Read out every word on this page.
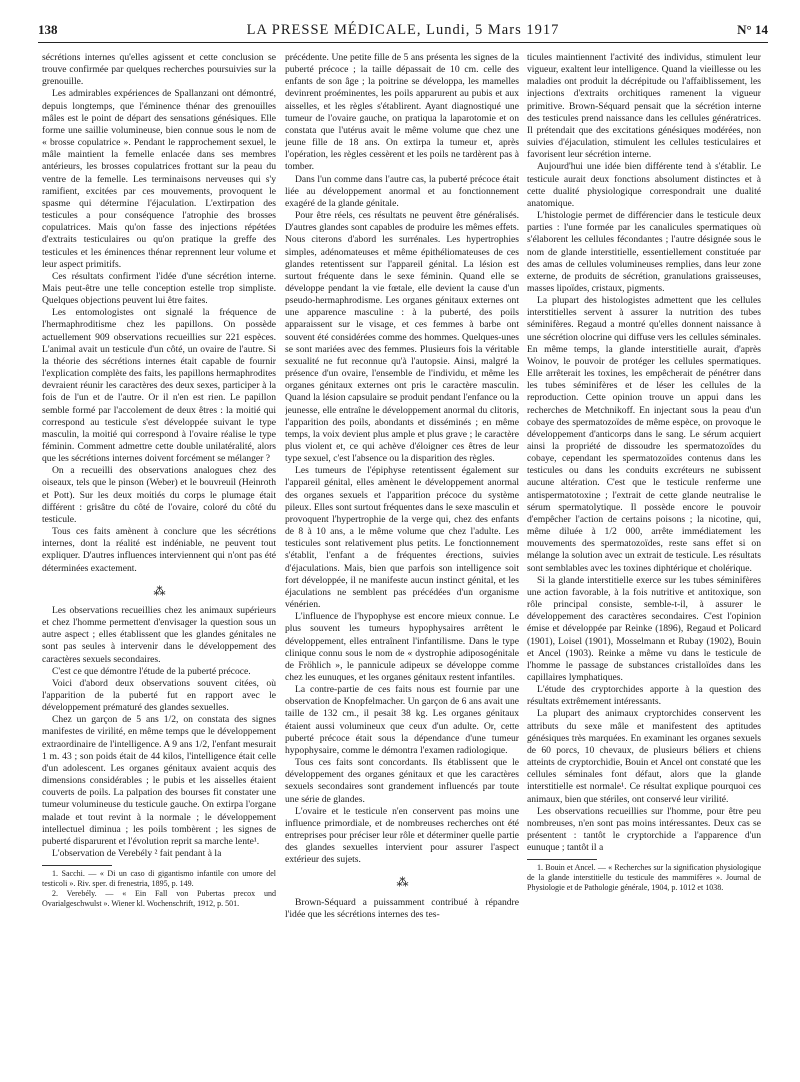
138	LA PRESSE MÉDICALE, Lundi, 5 Mars 1917	N° 14

sécrétions internes qu'elles agissent et cette conclusion se trouve confirmée par quelques recherches poursuivies sur la grenouille.

Les admirables expériences de Spallanzani ont démontré, depuis longtemps, que l'éminence thénar des grenouilles mâles est le point de départ des sensations génésiques. Elle forme une saillie volumineuse, bien connue sous le nom de « brosse copulatrice ». Pendant le rapprochement sexuel, le mâle maintient la femelle enlacée dans ses membres antérieurs, les brosses copulatrices frottant sur la peau du ventre de la femelle. Les terminaisons nerveuses qui s'y ramifient, excitées par ces mouvements, provoquent le spasme qui détermine l'éjaculation. L'extirpation des testicules a pour conséquence l'atrophie des brosses copulatrices. Mais qu'on fasse des injections répétées d'extraits testiculaires ou qu'on pratique la greffe des testicules et les éminences thénar reprennent leur volume et leur aspect primitifs.

Ces résultats confirment l'idée d'une sécrétion interne. Mais peut-être une telle conception estelle trop simpliste. Quelques objections peuvent lui être faites.

Les entomologistes ont signalé la fréquence de l'hermaphroditisme chez les papillons. On possède actuellement 909 observations recueillies sur 221 espèces. L'animal avait un testicule d'un côté, un ovaire de l'autre. Si la théorie des sécrétions internes était capable de fournir l'explication complète des faits, les papillons hermaphrodites devraient réunir les caractères des deux sexes, participer à la fois de l'un et de l'autre. Or il n'en est rien. Le papillon semble formé par l'accolement de deux êtres : la moitié qui correspond au testicule s'est développée suivant le type masculin, la moitié qui correspond à l'ovaire réalise le type féminin. Comment admettre cette double unilatéralité, alors que les sécrétions internes doivent forcément se mélanger ?

On a recueilli des observations analogues chez des oiseaux, tels que le pinson (Weber) et le bouvreuil (Heinroth et Pott). Sur les deux moitiés du corps le plumage était différent : grisâtre du côté de l'ovaire, coloré du côté du testicule.

Tous ces faits amènent à conclure que les sécrétions internes, dont la réalité est indéniable, ne peuvent tout expliquer. D'autres influences interviennent qui n'ont pas été déterminées exactement.

⁂

Les observations recueillies chez les animaux supérieurs et chez l'homme permettent d'envisager la question sous un autre aspect ; elles établissent que les glandes génitales ne sont pas seules à intervenir dans le développement des caractères sexuels secondaires.

C'est ce que démontre l'étude de la puberté précoce.

Voici d'abord deux observations souvent citées, où l'apparition de la puberté fut en rapport avec le développement prématuré des glandes sexuelles.

Chez un garçon de 5 ans 1/2, on constata des signes manifestes de virilité, en même temps que le développement extraordinaire de l'intelligence. A 9 ans 1/2, l'enfant mesurait 1 m. 43 ; son poids était de 44 kilos, l'intelligence était celle d'un adolescent. Les organes génitaux avaient acquis des dimensions considérables ; le pubis et les aisselles étaient couverts de poils. La palpation des bourses fit constater une tumeur volumineuse du testicule gauche. On extirpa l'organe malade et tout revint à la normale ; le développement intellectuel diminua ; les poils tombèrent ; les signes de puberté disparurent et l'évolution reprit sa marche lente¹.

L'observation de Verebély ² fait pendant à la

1. Sacchi. — « Di un caso di gigantismo infantile con umore del testicoli ». Riv. sper. di frenestria, 1895, p. 149.

2. Verebély. — « Ein Fall von Pubertas precox und Ovarialgeschwulst ». Wiener kl. Wochenschrift, 1912, p. 501.

précédente. Une petite fille de 5 ans présenta les signes de la puberté précoce ; la taille dépassait de 10 cm. celle des enfants de son âge ; la poitrine se développa, les mamelles devinrent proéminentes, les poils apparurent au pubis et aux aisselles, et les règles s'établirent. Ayant diagnostiqué une tumeur de l'ovaire gauche, on pratiqua la laparotomie et on constata que l'utérus avait le même volume que chez une jeune fille de 18 ans. On extirpa la tumeur et, après l'opération, les règles cessèrent et les poils ne tardèrent pas à tomber.

Dans l'un comme dans l'autre cas, la puberté précoce était liée au développement anormal et au fonctionnement exagéré de la glande génitale.

Pour être réels, ces résultats ne peuvent être généralisés. D'autres glandes sont capables de produire les mêmes effets. Nous citerons d'abord les surrénales. Les hypertrophies simples, adénomateuses et même épithéliomateuses de ces glandes retentissent sur l'appareil génital. La lésion est surtout fréquente dans le sexe féminin. Quand elle se développe pendant la vie fœtale, elle devient la cause d'un pseudo-hermaphrodisme. Les organes génitaux externes ont une apparence masculine : à la puberté, des poils apparaissent sur le visage, et ces femmes à barbe ont souvent été considérées comme des hommes. Quelques-unes se sont mariées avec des femmes. Plusieurs fois la véritable sexualité ne fut reconnue qu'à l'autopsie. Ainsi, malgré la présence d'un ovaire, l'ensemble de l'individu, et même les organes génitaux externes ont pris le caractère masculin. Quand la lésion capsulaire se produit pendant l'enfance ou la jeunesse, elle entraîne le développement anormal du clitoris, l'apparition des poils, abondants et disséminés ; en même temps, la voix devient plus ample et plus grave ; le caractère plus violent et, ce qui achève d'éloigner ces êtres de leur type sexuel, c'est l'absence ou la disparition des règles.

Les tumeurs de l'épiphyse retentissent également sur l'appareil génital, elles amènent le développement anormal des organes sexuels et l'apparition précoce du système pileux. Elles sont surtout fréquentes dans le sexe masculin et provoquent l'hypertrophie de la verge qui, chez des enfants de 8 à 10 ans, a le même volume que chez l'adulte. Les testicules sont relativement plus petits. Le fonctionnement s'établit, l'enfant a de fréquentes érections, suivies d'éjaculations. Mais, bien que parfois son intelligence soit fort développée, il ne manifeste aucun instinct génital, et les éjaculations ne semblent pas précédées d'un organisme vénérien.

L'influence de l'hypophyse est encore mieux connue. Le plus souvent les tumeurs hypophysaires arrêtent le développement, elles entraînent l'infantilisme. Dans le type clinique connu sous le nom de « dystrophie adiposogénitale de Fröhlich », le pannicule adipeux se développe comme chez les eunuques, et les organes génitaux restent infantiles.

La contre-partie de ces faits nous est fournie par une observation de Knopfelmacher. Un garçon de 6 ans avait une taille de 132 cm., il pesait 38 kg. Les organes génitaux étaient aussi volumineux que ceux d'un adulte. Or, cette puberté précoce était sous la dépendance d'une tumeur hypophysaire, comme le démontra l'examen radiologique.

Tous ces faits sont concordants. Ils établissent que le développement des organes génitaux et que les caractères sexuels secondaires sont grandement influencés par toute une série de glandes.

L'ovaire et le testicule n'en conservent pas moins une influence primordiale, et de nombreuses recherches ont été entreprises pour préciser leur rôle et déterminer quelle partie des glandes sexuelles intervient pour assurer l'aspect extérieur des sujets.

⁂

Brown-Séquard a puissamment contribué à répandre l'idée que les sécrétions internes des tes-

ticules maintiennent l'activité des individus, stimulent leur vigueur, exaltent leur intelligence. Quand la vieillesse ou les maladies ont produit la décrépitude ou l'affaiblissement, les injections d'extraits orchitiques ramenent la vigueur primitive. Brown-Séquard pensait que la sécrétion interne des testicules prend naissance dans les cellules génératrices. Il prétendait que des excitations génésiques modérées, non suivies d'éjaculation, stimulent les cellules testiculaires et favorisent leur sécrétion interne.

Aujourd'hui une idée bien différente tend à s'établir. Le testicule aurait deux fonctions absolument distinctes et à cette dualité physiologique correspondrait une dualité anatomique.

L'histologie permet de différencier dans le testicule deux parties : l'une formée par les canalicules spermatiques où s'élaborent les cellules fécondantes ; l'autre désignée sous le nom de glande interstitielle, essentiellement constituée par des amas de cellules volumineuses remplies, dans leur zone externe, de produits de sécrétion, granulations graisseuses, masses lipoïdes, cristaux, pigments.

La plupart des histologistes admettent que les cellules interstitielles servent à assurer la nutrition des tubes séminifères. Regaud a montré qu'elles donnent naissance à une sécrétion olocrine qui diffuse vers les cellules séminales. En même temps, la glande interstitielle aurait, d'après Woinov, le pouvoir de protéger les cellules spermatiques. Elle arrêterait les toxines, les empêcherait de pénétrer dans les tubes séminifères et de léser les cellules de la reproduction. Cette opinion trouve un appui dans les recherches de Metchnikoff. En injectant sous la peau d'un cobaye des spermatozoïdes de même espèce, on provoque le développement d'anticorps dans le sang. Le sérum acquiert ainsi la propriété de dissoudre les spermatozoïdes du cobaye, cependant les spermatozoïdes contenus dans les testicules ou dans les conduits excréteurs ne subissent aucune altération. C'est que le testicule renferme une antispermatotoxine ; l'extrait de cette glande neutralise le sérum spermatolytique. Il possède encore le pouvoir d'empêcher l'action de certains poisons ; la nicotine, qui, même diluée à 1/2 000, arrête immédiatement les mouvements des spermatozoïdes, reste sans effet si on mélange la solution avec un extrait de testicule. Les résultats sont semblables avec les toxines diphtérique et cholérique.

Si la glande interstitielle exerce sur les tubes séminifères une action favorable, à la fois nutritive et antitoxique, son rôle principal consiste, semble-t-il, à assurer le développement des caractères secondaires. C'est l'opinion émise et développée par Reinke (1896), Regaud et Policard (1901), Loisel (1901), Mosselmann et Rubay (1902), Bouin et Ancel (1903). Reinke a même vu dans le testicule de l'homme le passage de substances cristalloïdes dans les capillaires lymphatiques.

L'étude des cryptorchides apporte à la question des résultats extrêmement intéressants.

La plupart des animaux cryptorchides conservent les attributs du sexe mâle et manifestent des aptitudes génésiques très marquées. En examinant les organes sexuels de 60 porcs, 10 chevaux, de plusieurs béliers et chiens atteints de cryptorchidie, Bouin et Ancel ont constaté que les cellules séminales font défaut, alors que la glande interstitielle est normale¹. Ce résultat explique pourquoi ces animaux, bien que stériles, ont conservé leur virilité.

Les observations recueillies sur l'homme, pour être peu nombreuses, n'en sont pas moins intéressantes. Deux cas se présentent : tantôt le cryptorchide a l'apparence d'un eunuque ; tantôt il a

1. Bouin et Ancel. — « Recherches sur la signification physiologique de la glande interstitielle du testicule des mammifères ». Journal de Physiologie et de Pathologie générale, 1904, p. 1012 et 1038.
